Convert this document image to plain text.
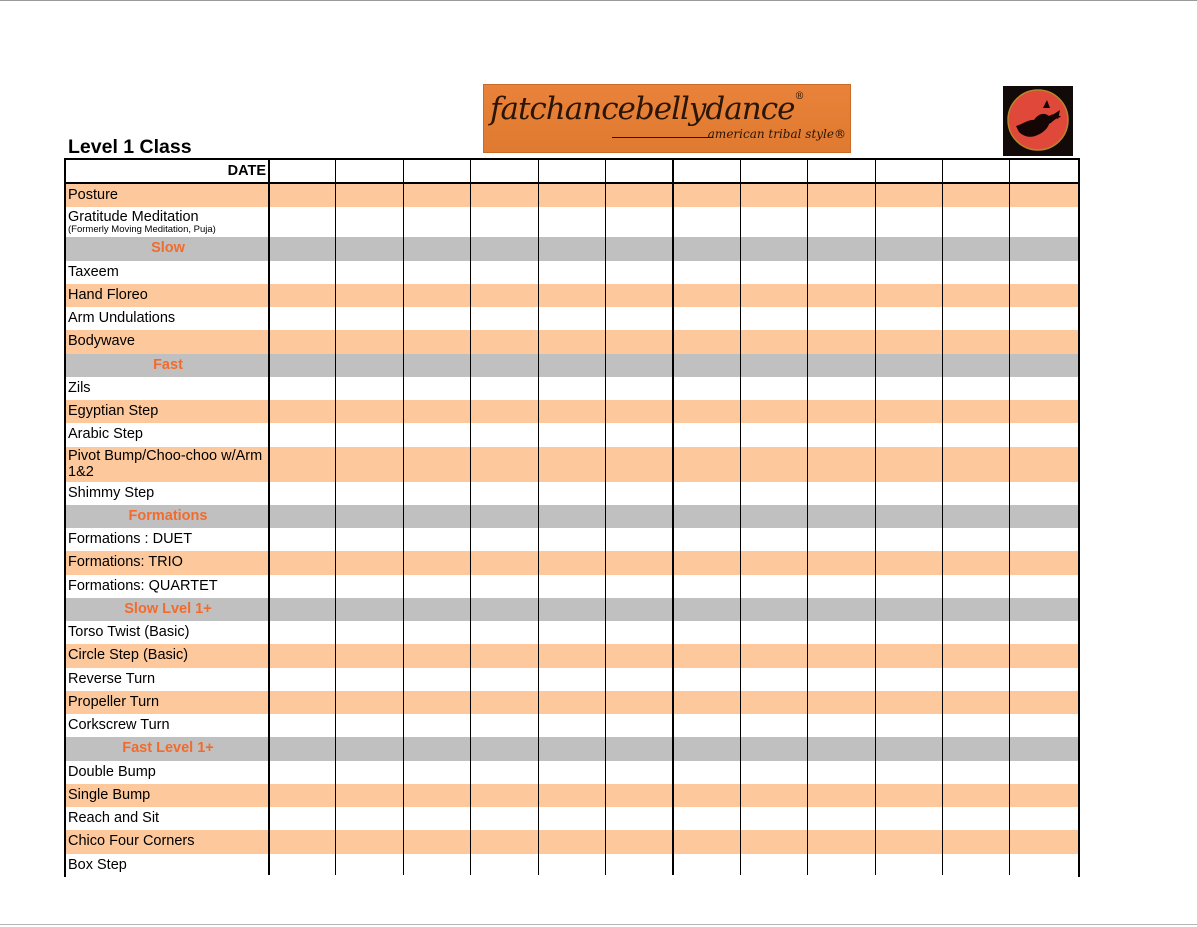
fatchancebellydance®
american tribal style®
Level 1 Class
DATE
Posture
Gratitude Meditation
(Formerly Moving Meditation, Puja)
Slow
Taxeem
Hand Floreo
Arm Undulations
Bodywave
Fast
Zils
Egyptian Step
Arabic Step
Pivot Bump/Choo-choo w/Arm
1&2
Shimmy Step
Formations
Formations : DUET
Formations: TRIO
Formations: QUARTET
Slow Lvel 1+
Torso Twist (Basic)
Circle Step (Basic)
Reverse Turn
Propeller Turn
Corkscrew Turn
Fast Level 1+
Double Bump
Single Bump
Reach and Sit
Chico Four Corners
Box Step
